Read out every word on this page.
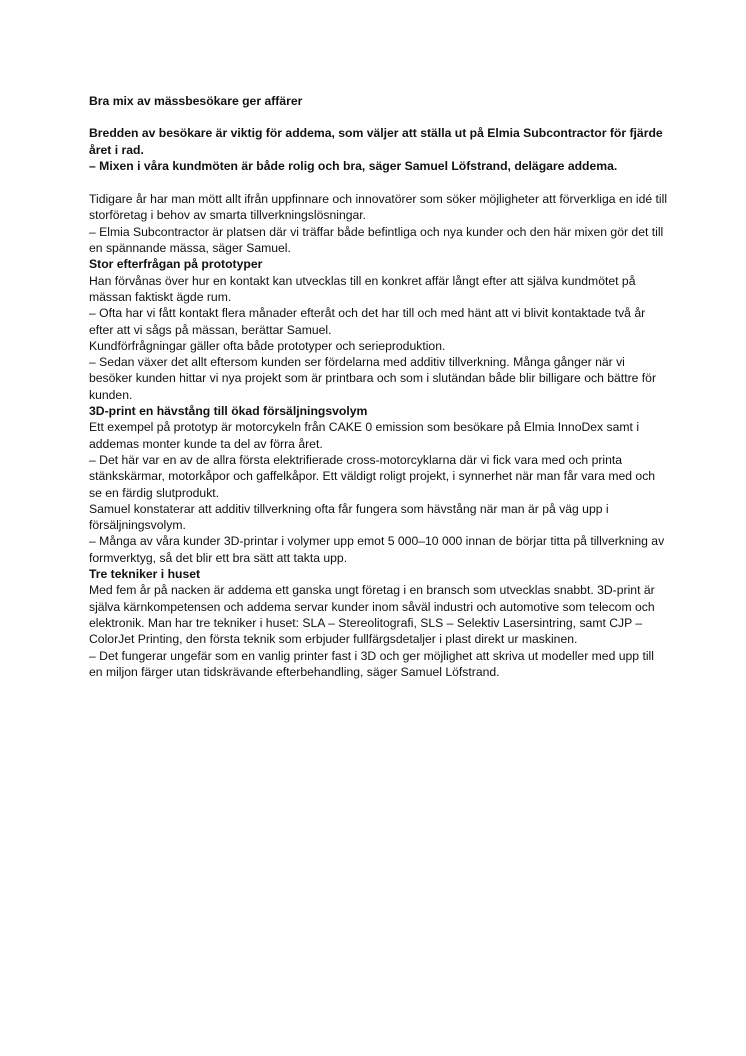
Bra mix av mässbesökare ger affärer

Bredden av besökare är viktig för addema, som väljer att ställa ut på Elmia Subcontractor för fjärde året i rad.

– Mixen i våra kundmöten är både rolig och bra, säger Samuel Löfstrand, delägare addema.

Tidigare år har man mött allt ifrån uppfinnare och innovatörer som söker möjligheter att förverkliga en idé till storföretag i behov av smarta tillverkningslösningar.

– Elmia Subcontractor är platsen där vi träffar både befintliga och nya kunder och den här mixen gör det till en spännande mässa, säger Samuel.

Stor efterfrågan på prototyper

Han förvånas över hur en kontakt kan utvecklas till en konkret affär långt efter att själva kundmötet på mässan faktiskt ägde rum.

– Ofta har vi fått kontakt flera månader efteråt och det har till och med hänt att vi blivit kontaktade två år efter att vi sågs på mässan, berättar Samuel.

Kundförfrågningar gäller ofta både prototyper och serieproduktion.

– Sedan växer det allt eftersom kunden ser fördelarna med additiv tillverkning. Många gånger när vi besöker kunden hittar vi nya projekt som är printbara och som i slutändan både blir billigare och bättre för kunden.

3D-print en hävstång till ökad försäljningsvolym

Ett exempel på prototyp är motorcykeln från CAKE 0 emission som besökare på Elmia InnoDex samt i addemas monter kunde ta del av förra året.

– Det här var en av de allra första elektrifierade cross-motorcyklarna där vi fick vara med och printa stänkskärmar, motorkåpor och gaffelkåpor. Ett väldigt roligt projekt, i synnerhet när man får vara med och se en färdig slutprodukt.

Samuel konstaterar att additiv tillverkning ofta får fungera som hävstång när man är på väg upp i försäljningsvolym.

– Många av våra kunder 3D-printar i volymer upp emot 5 000–10 000 innan de börjar titta på tillverkning av formverktyg, så det blir ett bra sätt att takta upp.

Tre tekniker i huset

Med fem år på nacken är addema ett ganska ungt företag i en bransch som utvecklas snabbt. 3D-print är själva kärnkompetensen och addema servar kunder inom såväl industri och automotive som telecom och elektronik. Man har tre tekniker i huset: SLA – Stereolitografi, SLS – Selektiv Lasersintring, samt CJP – ColorJet Printing, den första teknik som erbjuder fullfärgsdetaljer i plast direkt ur maskinen.

– Det fungerar ungefär som en vanlig printer fast i 3D och ger möjlighet att skriva ut modeller med upp till en miljon färger utan tidskrävande efterbehandling, säger Samuel Löfstrand.
